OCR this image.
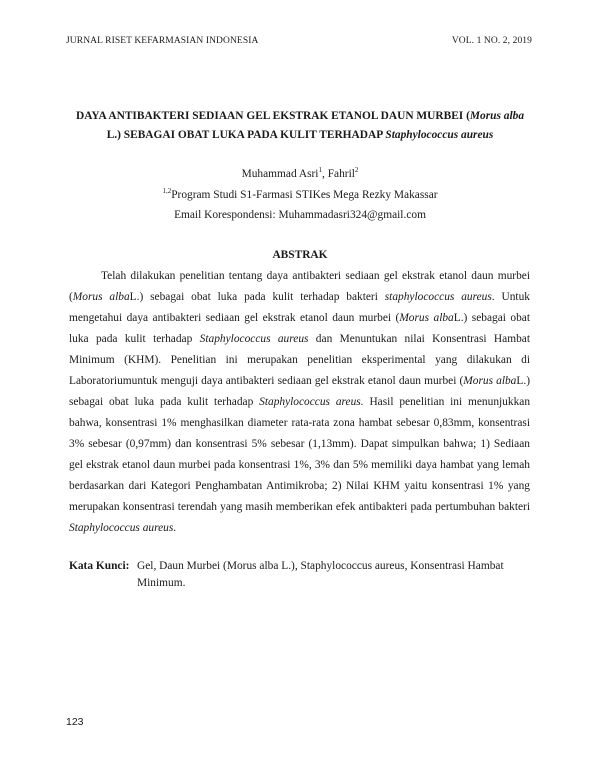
JURNAL RISET KEFARMASIAN INDONESIA	VOL. 1 NO. 2, 2019
DAYA ANTIBAKTERI SEDIAAN GEL EKSTRAK ETANOL DAUN MURBEI (Morus alba L.) SEBAGAI OBAT LUKA PADA KULIT TERHADAP Staphylococcus aureus
Muhammad Asri$^1$, Fahril$^2$
$^{1,2}$Program Studi S1-Farmasi STIKes Mega Rezky Makassar
Email Korespondensi: Muhammadasri324@gmail.com
ABSTRAK
Telah dilakukan penelitian tentang daya antibakteri sediaan gel ekstrak etanol daun murbei (Morus albaL.) sebagai obat luka pada kulit terhadap bakteri staphylococcus aureus. Untuk mengetahui daya antibakteri sediaan gel ekstrak etanol daun murbei (Morus albaL.) sebagai obat luka pada kulit terhadap Staphylococcus aureus dan Menuntukan nilai Konsentrasi Hambat Minimum (KHM). Penelitian ini merupakan penelitian eksperimental yang dilakukan di Laboratoriumuntuk menguji daya antibakteri sediaan gel ekstrak etanol daun murbei (Morus albaL.) sebagai obat luka pada kulit terhadap Staphylococcus areus. Hasil penelitian ini menunjukkan bahwa, konsentrasi 1% menghasilkan diameter rata-rata zona hambat sebesar 0,83mm, konsentrasi 3% sebesar (0,97mm) dan konsentrasi 5% sebesar (1,13mm). Dapat simpulkan bahwa; 1) Sediaan gel ekstrak etanol daun murbei pada konsentrasi 1%, 3% dan 5% memiliki daya hambat yang lemah berdasarkan dari Kategori Penghambatan Antimikroba; 2) Nilai KHM yaitu konsentrasi 1% yang merupakan konsentrasi terendah yang masih memberikan efek antibakteri pada pertumbuhan bakteri Staphylococcus aureus.
Kata Kunci: Gel, Daun Murbei (Morus alba L.), Staphylococcus aureus, Konsentrasi Hambat Minimum.
123
